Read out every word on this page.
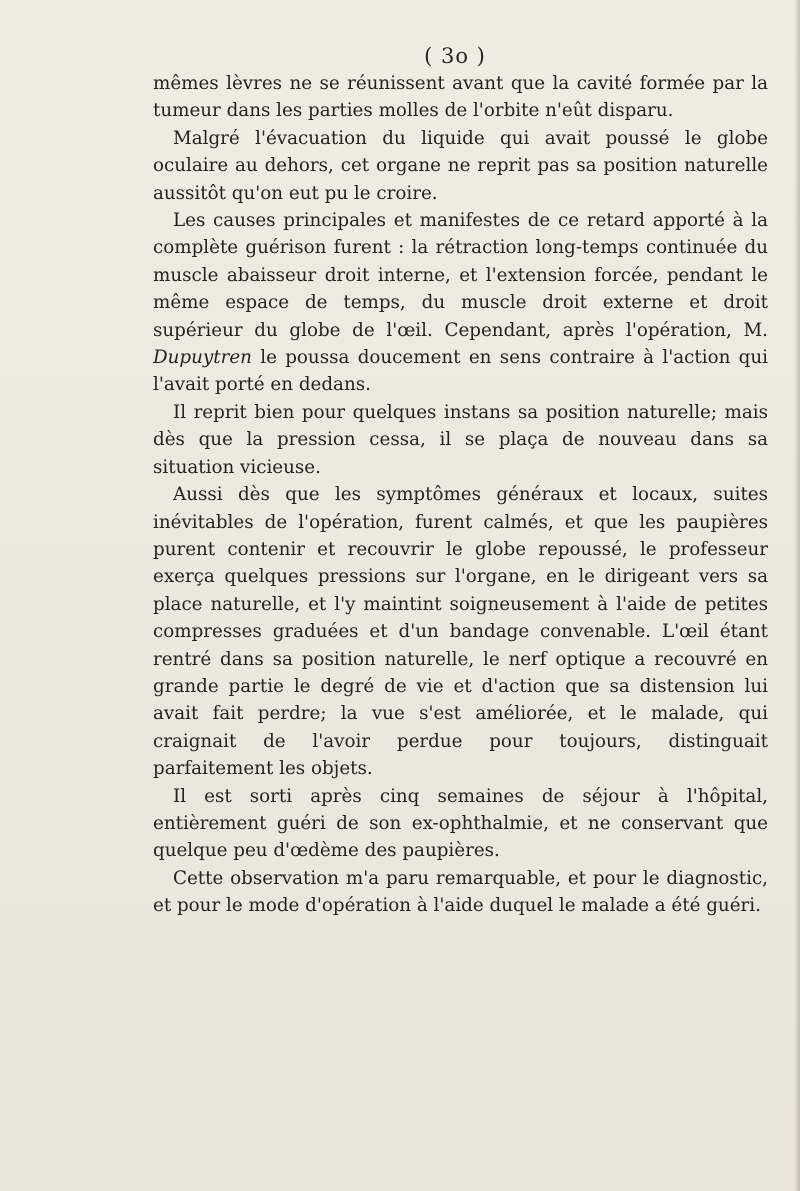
( 3o )

mêmes lèvres ne se réunissent avant que la cavité formée par la tumeur dans les parties molles de l'orbite n'eût disparu.

Malgré l'évacuation du liquide qui avait poussé le globe oculaire au dehors, cet organe ne reprit pas sa position naturelle aussitôt qu'on eut pu le croire.

Les causes principales et manifestes de ce retard apporté à la complète guérison furent : la rétraction long-temps continuée du muscle abaisseur droit interne, et l'extension forcée, pendant le même espace de temps, du muscle droit externe et droit supérieur du globe de l'œil. Cependant, après l'opération, M. Dupuytren le poussa doucement en sens contraire à l'action qui l'avait porté en dedans.

Il reprit bien pour quelques instans sa position naturelle; mais dès que la pression cessa, il se plaça de nouveau dans sa situation vicieuse.

Aussi dès que les symptômes généraux et locaux, suites inévitables de l'opération, furent calmés, et que les paupières purent contenir et recouvrir le globe repoussé, le professeur exerça quelques pressions sur l'organe, en le dirigeant vers sa place naturelle, et l'y maintint soigneusement à l'aide de petites compresses graduées et d'un bandage convenable. L'œil étant rentré dans sa position naturelle, le nerf optique a recouvré en grande partie le degré de vie et d'action que sa distension lui avait fait perdre; la vue s'est améliorée, et le malade, qui craignait de l'avoir perdue pour toujours, distinguait parfaitement les objets.

Il est sorti après cinq semaines de séjour à l'hôpital, entièrement guéri de son ex-ophthalmie, et ne conservant que quelque peu d'œdème des paupières.

Cette observation m'a paru remarquable, et pour le diagnostic, et pour le mode d'opération à l'aide duquel le malade a été guéri.
